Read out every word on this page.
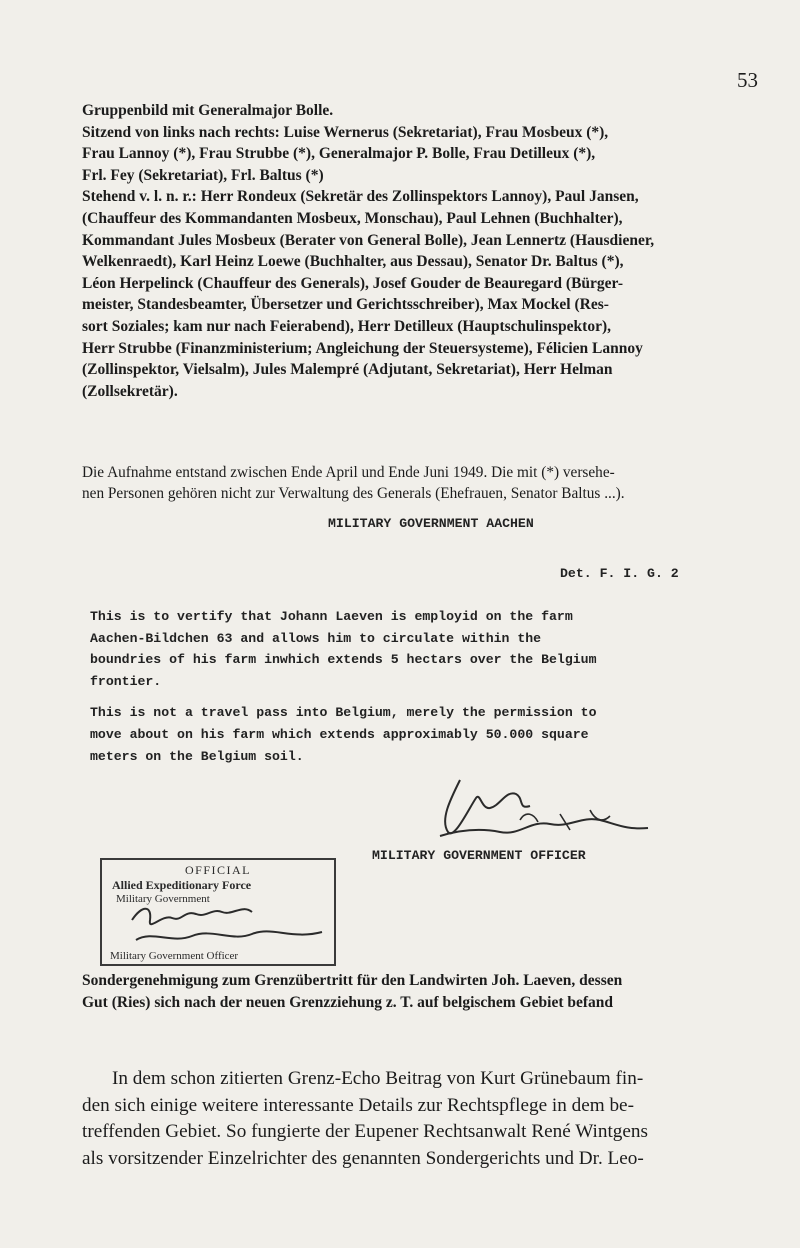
53
Gruppenbild mit Generalmajor Bolle.
Sitzend von links nach rechts: Luise Wernerus (Sekretariat), Frau Mosbeux (*),
Frau Lannoy (*), Frau Strubbe (*), Generalmajor P. Bolle, Frau Detilleux (*),
Frl. Fey (Sekretariat), Frl. Baltus (*)
Stehend v. l. n. r.: Herr Rondeux (Sekretär des Zollinspektors Lannoy), Paul Jansen,
(Chauffeur des Kommandanten Mosbeux, Monschau), Paul Lehnen (Buchhalter),
Kommandant Jules Mosbeux (Berater von General Bolle), Jean Lennertz (Hausdiener,
Welkenraedt), Karl Heinz Loewe (Buchhalter, aus Dessau), Senator Dr. Baltus (*),
Léon Herpelinck (Chauffeur des Generals), Josef Gouder de Beauregard (Bürger-
meister, Standesbeamter, Übersetzer und Gerichtsschreiber), Max Mockel (Res-
sort Soziales; kam nur nach Feierabend), Herr Detilleux (Hauptschulinspektor),
Herr Strubbe (Finanzministerium; Angleichung der Steuersysteme), Félicien Lannoy
(Zollinspektor, Vielsalm), Jules Malempré (Adjutant, Sekretariat), Herr Helman
(Zollsekretär).
Die Aufnahme entstand zwischen Ende April und Ende Juni 1949. Die mit (*) versehe-
nen Personen gehören nicht zur Verwaltung des Generals (Ehefrauen, Senator Baltus ...).
MILITARY GOVERNMENT AACHEN
Det. F. I. G. 2
This is to vertify that Johann Laeven is employid on the farm
Aachen-Bildchen 63 and allows him to circulate within the
boundries of his farm inwhich extends 5 hectars over the Belgium
frontier.
This is not a travel pass into Belgium, merely the permission to
move about on his farm which extends approximably 50.000 square
meters on the Belgium soil.
MILITARY GOVERNMENT OFFICER
OFFICIAL
Allied Expeditionary Force
Military Government
Military Government Officer
Sondergenehmigung zum Grenzübertritt für den Landwirten Joh. Laeven, dessen
Gut (Ries) sich nach der neuen Grenzziehung z. T. auf belgischem Gebiet befand
In dem schon zitierten Grenz-Echo Beitrag von Kurt Grünebaum fin-
den sich einige weitere interessante Details zur Rechtspflege in dem be-
treffenden Gebiet. So fungierte der Eupener Rechtsanwalt René Wintgens
als vorsitzender Einzelrichter des genannten Sondergerichts und Dr. Leo-
